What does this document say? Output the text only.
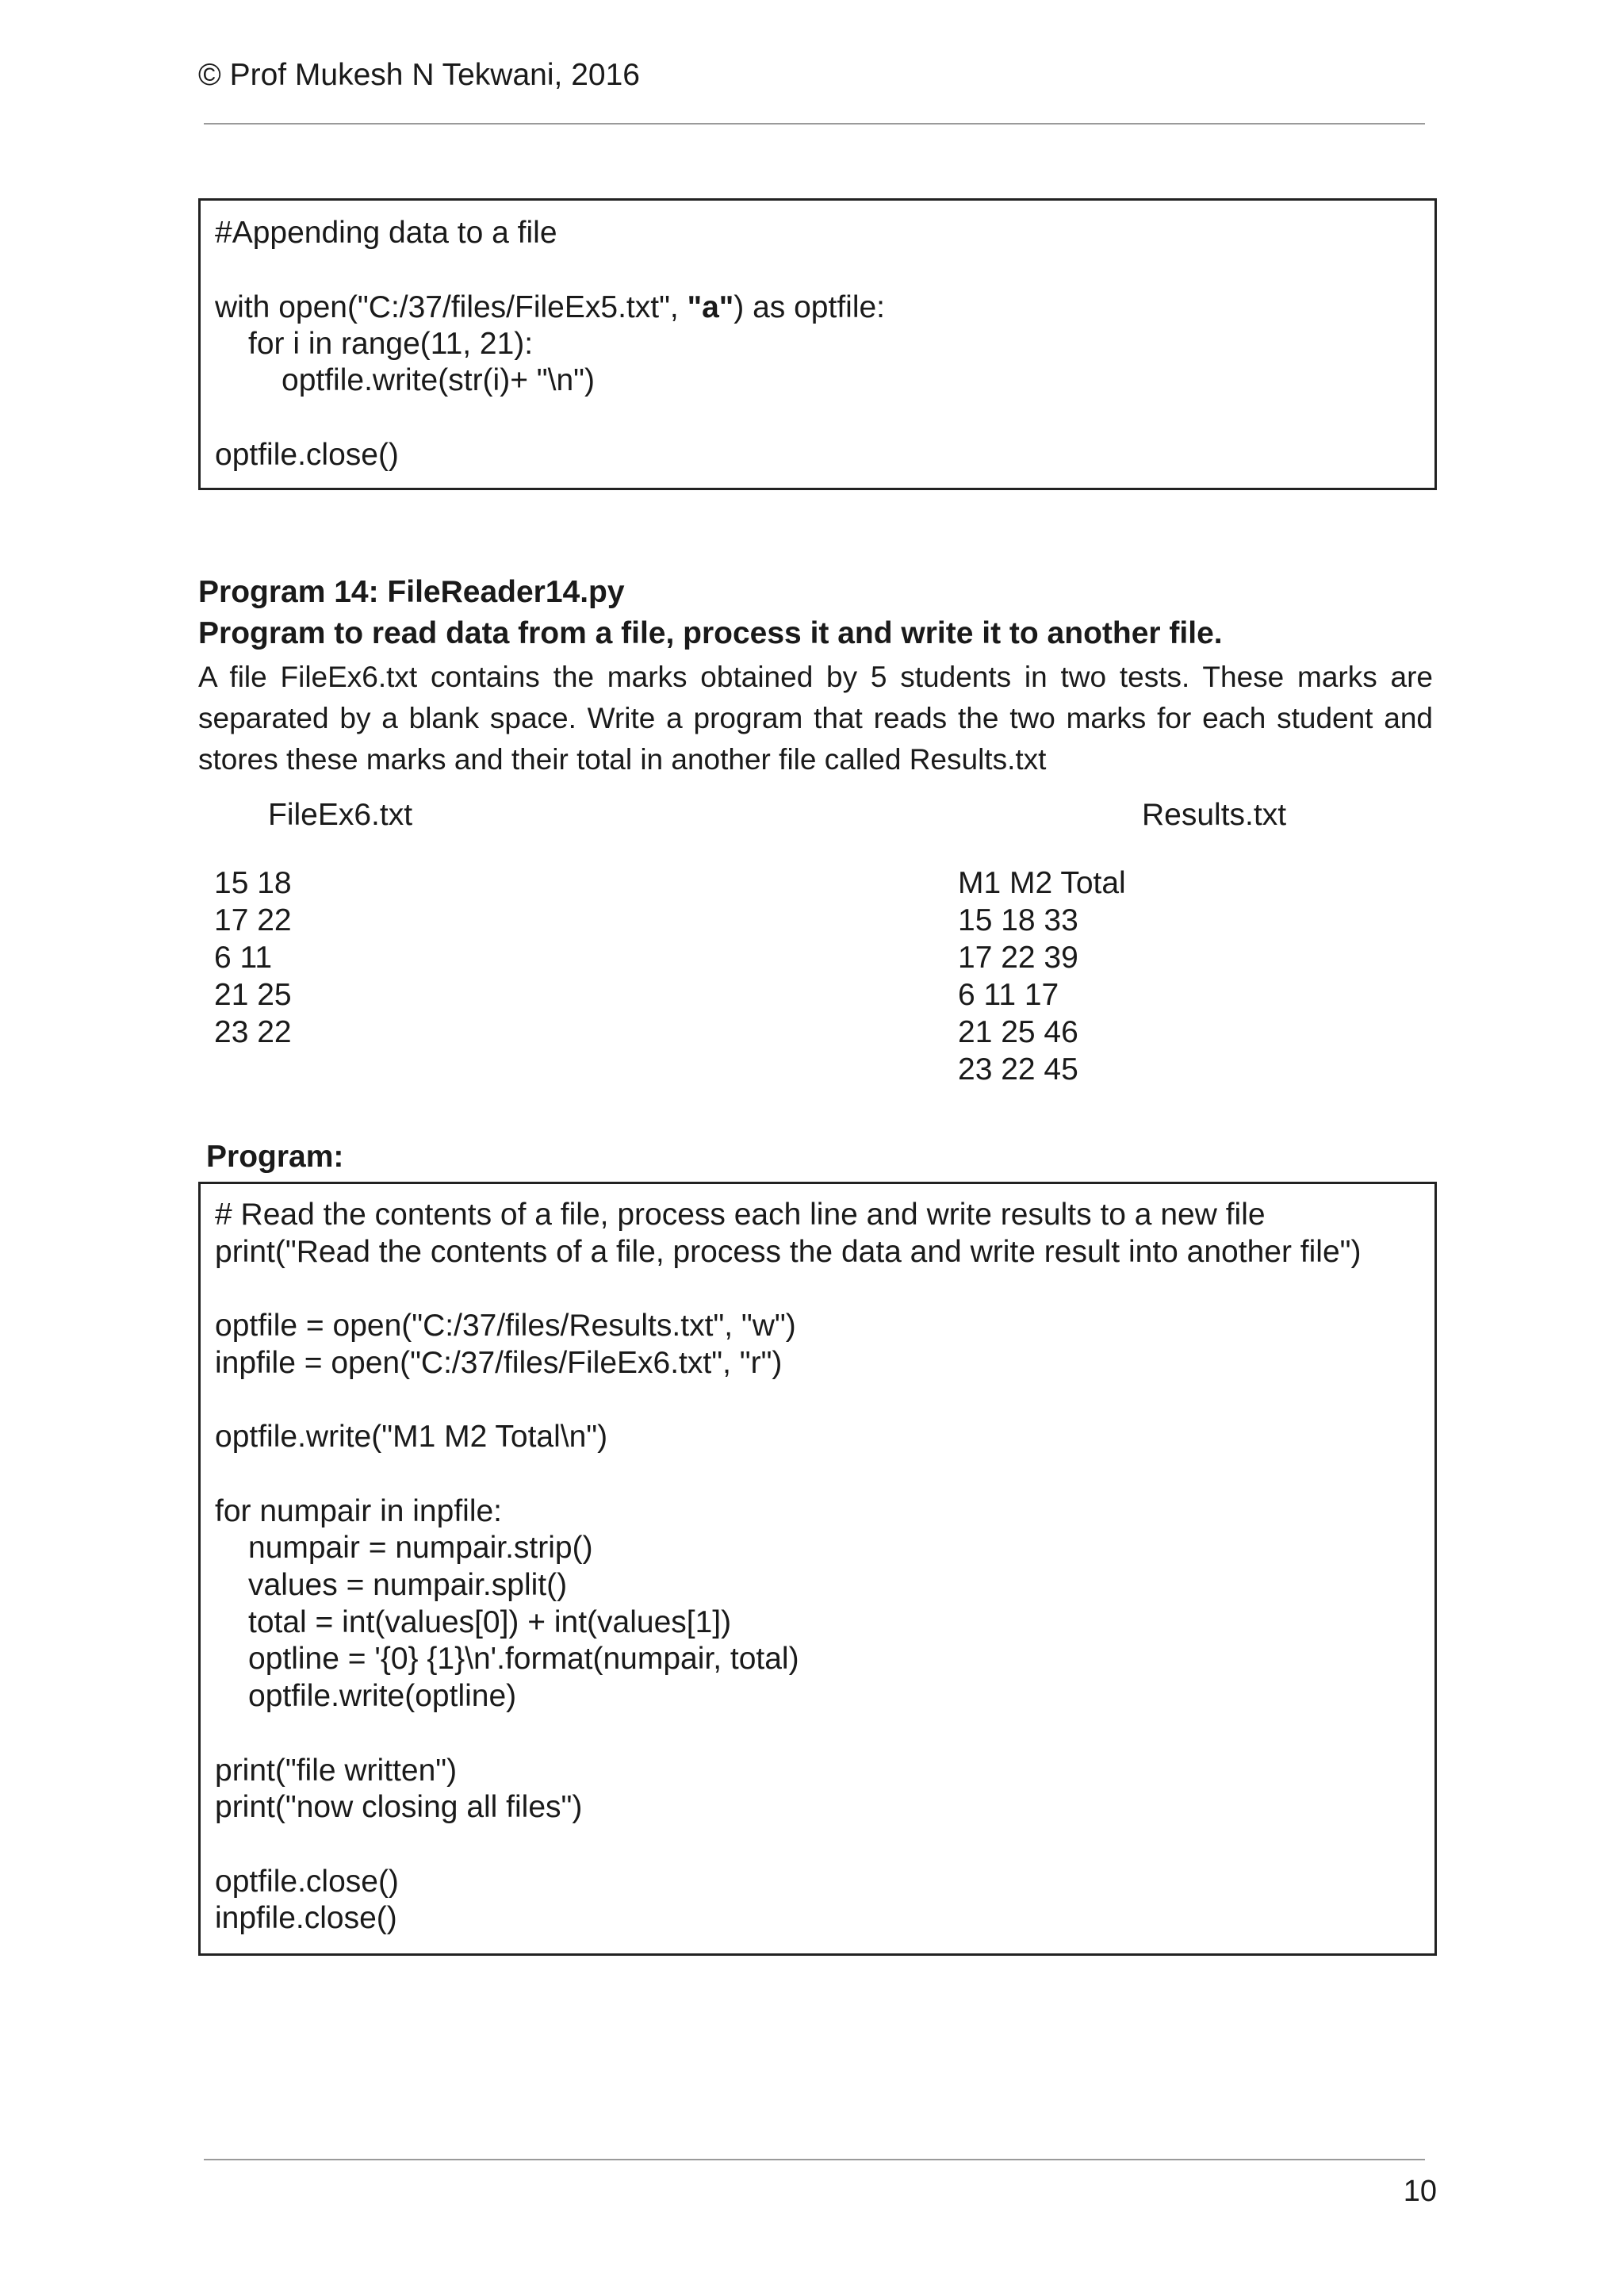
© Prof Mukesh N Tekwani, 2016
#Appending data to a file
with open("C:/37/files/FileEx5.txt", "a") as optfile:
for i in range(11, 21):
optfile.write(str(i)+ "\n")
optfile.close()
Program 14: FileReader14.py
Program to read data from a file, process it and write it to another file.
A file FileEx6.txt contains the marks obtained by 5 students in two tests. These marks are
separated by a blank space. Write a program that reads the two marks for each student and
stores these marks and their total in another file called Results.txt
FileEx6.txt	Results.txt
15 18
17 22
6 11
21 25
23 22
M1 M2 Total
15 18 33
17 22 39
6 11 17
21 25 46
23 22 45
Program:
# Read the contents of a file, process each line and write results to a new file
print("Read the contents of a file, process the data and write result into another file")
optfile = open("C:/37/files/Results.txt", "w")
inpfile = open("C:/37/files/FileEx6.txt", "r")
optfile.write("M1 M2 Total\n")
for numpair in inpfile:
numpair = numpair.strip()
values = numpair.split()
total = int(values[0]) + int(values[1])
optline = '{0} {1}\n'.format(numpair, total)
optfile.write(optline)
print("file written")
print("now closing all files")
optfile.close()
inpfile.close()
10
